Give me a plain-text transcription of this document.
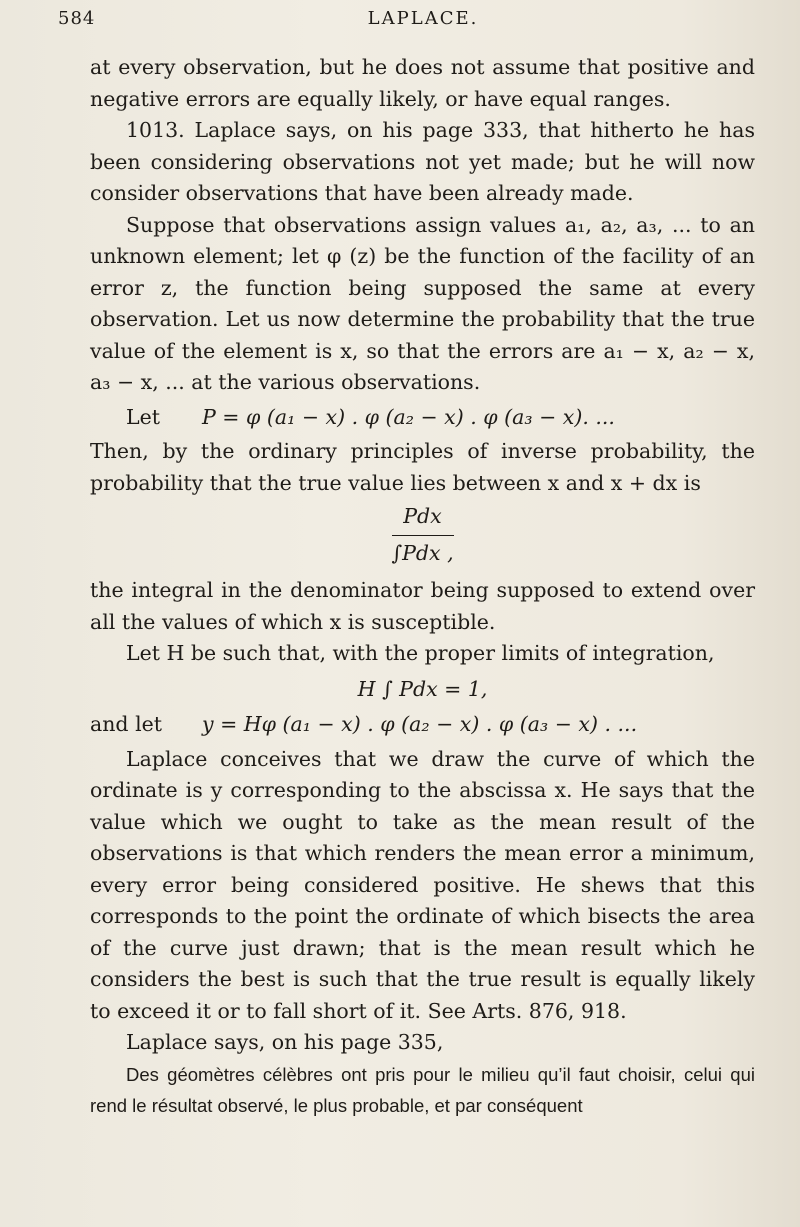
584	LAPLACE.

at every observation, but he does not assume that positive and negative errors are equally likely, or have equal ranges.

1013. Laplace says, on his page 333, that hitherto he has been considering observations not yet made; but he will now consider observations that have been already made.

Suppose that observations assign values a₁, a₂, a₃, ... to an unknown element; let φ (z) be the function of the facility of an error z, the function being supposed the same at every observation. Let us now determine the probability that the true value of the element is x, so that the errors are a₁ − x, a₂ − x, a₃ − x, ... at the various observations.

Let	P = φ (a₁ − x) . φ (a₂ − x) . φ (a₃ − x). ...

Then, by the ordinary principles of inverse probability, the probability that the true value lies between x and x + dx is

Pdx
∫Pdx ,

the integral in the denominator being supposed to extend over all the values of which x is susceptible.

Let H be such that, with the proper limits of integration,

H ∫ Pdx = 1,
and let	y = Hφ (a₁ − x) . φ (a₂ − x) . φ (a₃ − x) . ...

Laplace conceives that we draw the curve of which the ordinate is y corresponding to the abscissa x. He says that the value which we ought to take as the mean result of the observations is that which renders the mean error a minimum, every error being considered positive. He shews that this corresponds to the point the ordinate of which bisects the area of the curve just drawn; that is the mean result which he considers the best is such that the true result is equally likely to exceed it or to fall short of it. See Arts. 876, 918.

Laplace says, on his page 335,

Des géomètres célèbres ont pris pour le milieu qu’il faut choisir, celui qui rend le résultat observé, le plus probable, et par conséquent
